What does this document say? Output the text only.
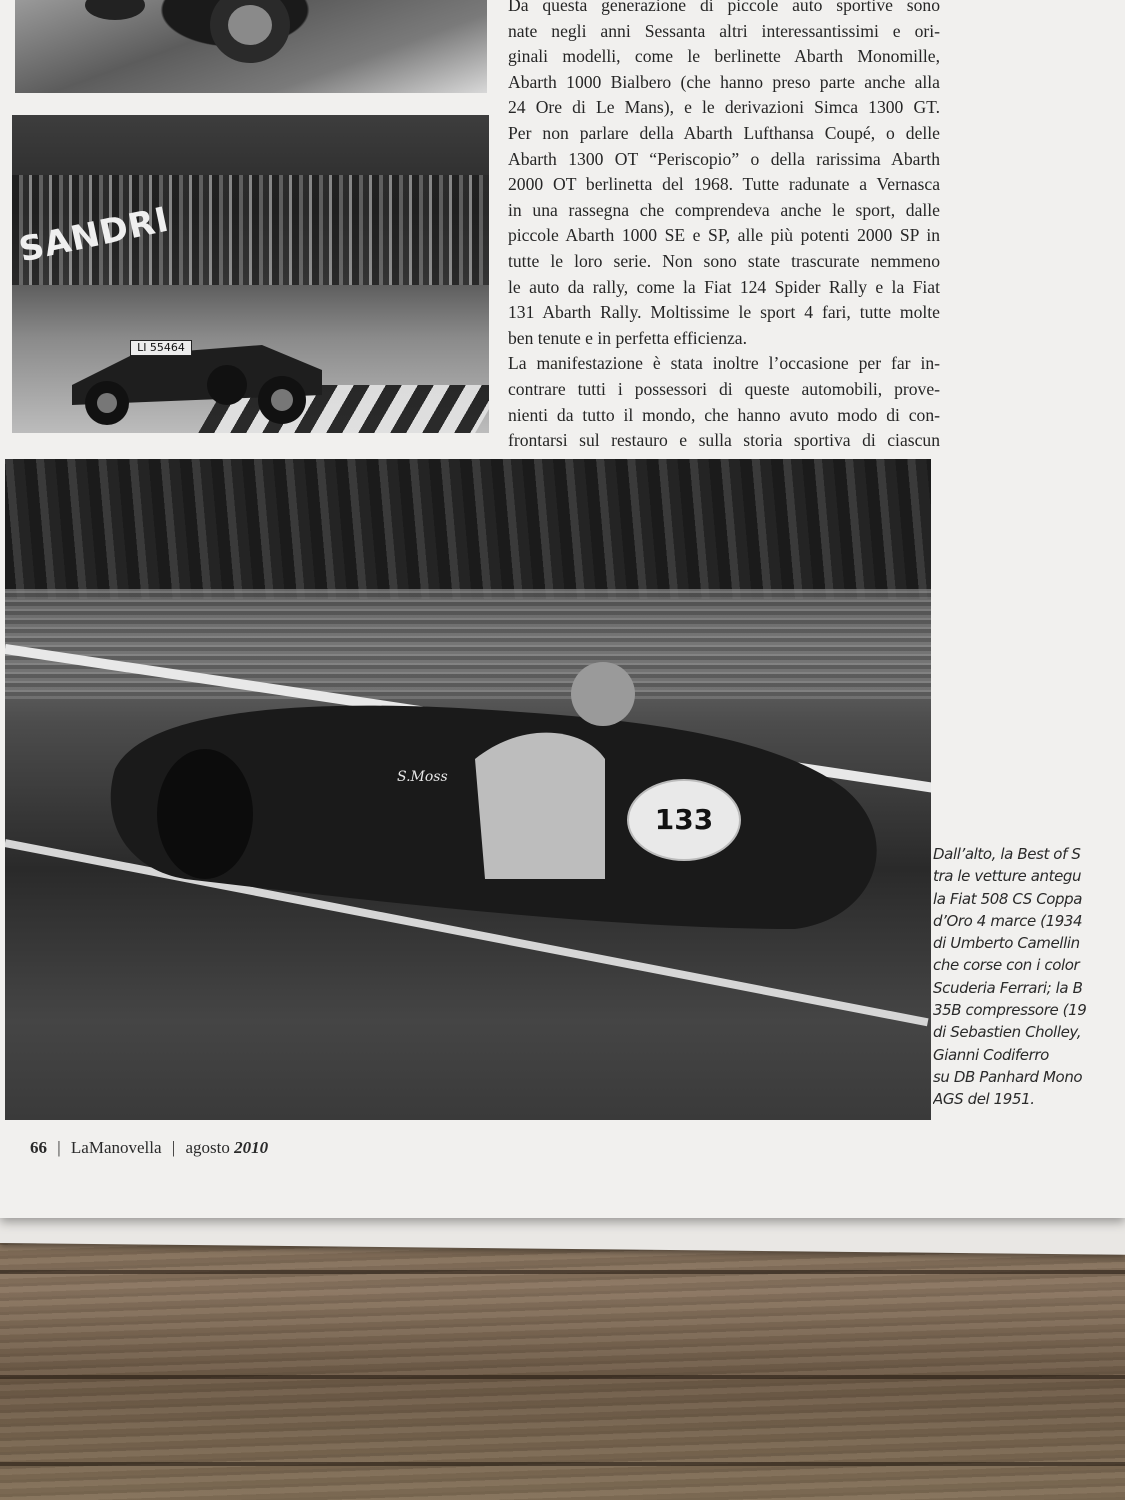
SANDRI
LI 55464
S.Moss
133
Da questa generazione di piccole auto sportive sono
nate negli anni Sessanta altri interessantissimi e ori-
ginali modelli, come le berlinette Abarth Monomille,
Abarth 1000 Bialbero (che hanno preso parte anche alla
24 Ore di Le Mans), e le derivazioni Simca 1300 GT.
Per non parlare della Abarth Lufthansa Coupé, o delle
Abarth 1300 OT “Periscopio” o della rarissima Abarth
2000 OT berlinetta del 1968. Tutte radunate a Vernasca
in una rassegna che comprendeva anche le sport, dalle
piccole Abarth 1000 SE e SP, alle più potenti 2000 SP in
tutte le loro serie. Non sono state trascurate nemmeno
le auto da rally, come la Fiat 124 Spider Rally e la Fiat
131 Abarth Rally. Moltissime le sport 4 fari, tutte molte
ben tenute e in perfetta efficienza.
La manifestazione è stata inoltre l’occasione per far in-
contrare tutti i possessori di queste automobili, prove-
nienti da tutto il mondo, che hanno avuto modo di con-
frontarsi sul restauro e sulla storia sportiva di ciascun
Dall’alto, la Best of S
tra le vetture antegu
la Fiat 508 CS Coppa
d’Oro 4 marce (1934
di Umberto Camellin
che corse con i color
Scuderia Ferrari; la B
35B compressore (19
di Sebastien Cholley,
Gianni Codiferro
su DB Panhard Mono
AGS del 1951.
66 | LaManovella | agosto 2010
